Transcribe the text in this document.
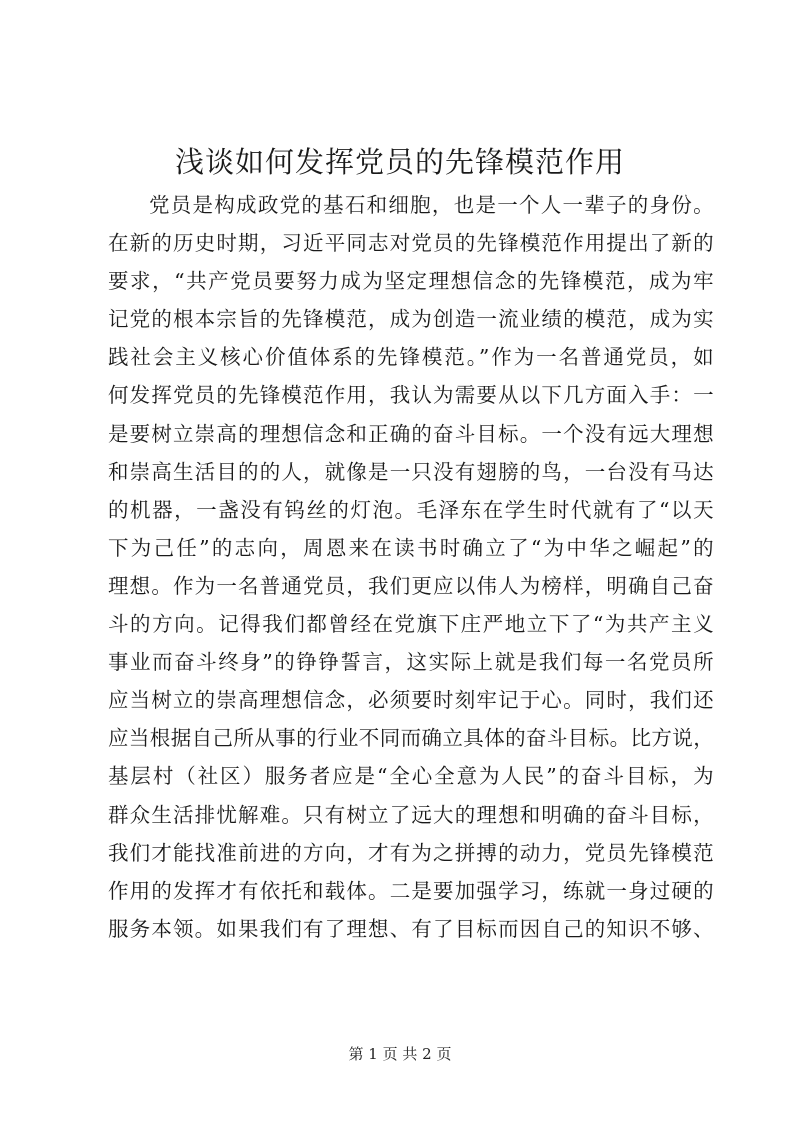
浅谈如何发挥党员的先锋模范作用
党员是构成政党的基石和细胞，也是一个人一辈子的身份。
在新的历史时期，习近平同志对党员的先锋模范作用提出了新的
要求，“共产党员要努力成为坚定理想信念的先锋模范，成为牢
记党的根本宗旨的先锋模范，成为创造一流业绩的模范，成为实
践社会主义核心价值体系的先锋模范。”作为一名普通党员，如
何发挥党员的先锋模范作用，我认为需要从以下几方面入手：一
是要树立崇高的理想信念和正确的奋斗目标。一个没有远大理想
和崇高生活目的的人，就像是一只没有翅膀的鸟，一台没有马达
的机器，一盏没有钨丝的灯泡。毛泽东在学生时代就有了“以天
下为己任”的志向，周恩来在读书时确立了“为中华之崛起”的
理想。作为一名普通党员，我们更应以伟人为榜样，明确自己奋
斗的方向。记得我们都曾经在党旗下庄严地立下了“为共产主义
事业而奋斗终身”的铮铮誓言，这实际上就是我们每一名党员所
应当树立的崇高理想信念，必须要时刻牢记于心。同时，我们还
应当根据自己所从事的行业不同而确立具体的奋斗目标。比方说，
基层村（社区）服务者应是“全心全意为人民”的奋斗目标，为
群众生活排忧解难。只有树立了远大的理想和明确的奋斗目标，
我们才能找准前进的方向，才有为之拼搏的动力，党员先锋模范
作用的发挥才有依托和载体。二是要加强学习，练就一身过硬的
服务本领。如果我们有了理想、有了目标而因自己的知识不够、
第 1 页 共 2 页
